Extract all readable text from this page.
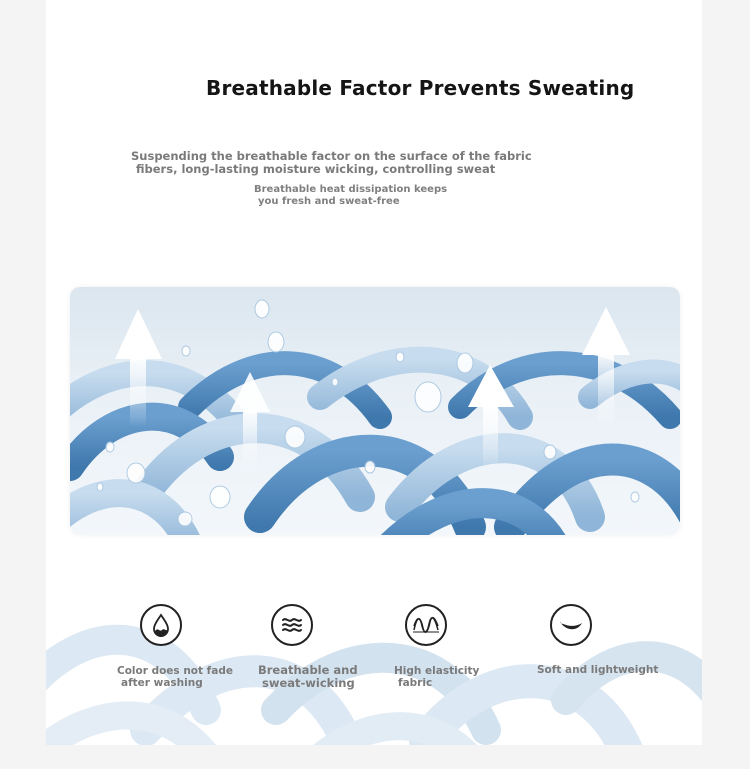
Breathable Factor Prevents Sweating
Suspending the breathable factor on the surface of the fabric
fibers, long-lasting moisture wicking, controlling sweat
Breathable heat dissipation keeps
you fresh and sweat-free
Color does not fade
after washing
Breathable and
sweat-wicking
High elasticity
fabric
Soft and lightweight
